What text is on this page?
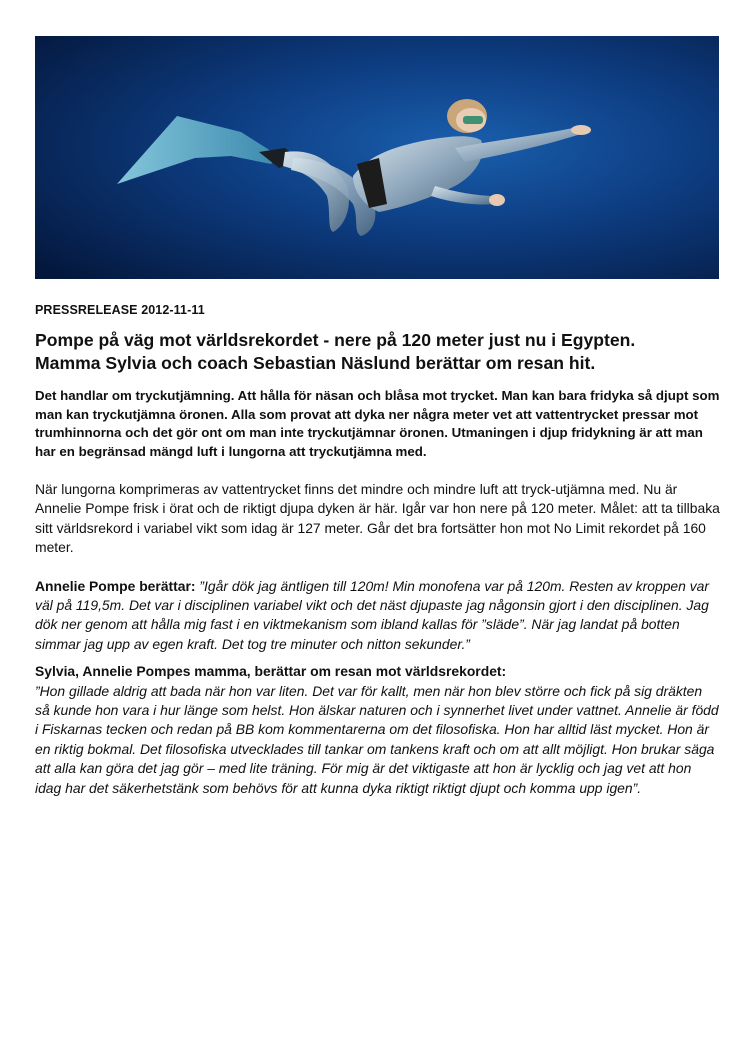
PRESSRELEASE 2012-11-11

Pompe på väg mot världsrekordet - nere på 120 meter just nu i Egypten.
Mamma Sylvia och coach Sebastian Näslund berättar om resan hit.

Det handlar om tryckutjämning. Att hålla för näsan och blåsa mot trycket. Man kan bara fridyka så djupt som man kan tryckutjämna öronen. Alla som provat att dyka ner några meter vet att vattentrycket pressar mot trumhinnorna och det gör ont om man inte tryckutjämnar öronen. Utmaningen i djup fridykning är att man har en begränsad mängd luft i lungorna att tryckutjämna med.

När lungorna komprimeras av vattentrycket finns det mindre och mindre luft att tryck-utjämna med. Nu är Annelie Pompe frisk i örat och de riktigt djupa dyken är här. Igår var hon nere på 120 meter. Målet: att ta tillbaka sitt världsrekord i variabel vikt som idag är 127 meter. Går det bra fortsätter hon mot No Limit rekordet på 160 meter.

Annelie Pompe berättar: ”Igår dök jag äntligen till 120m! Min monofena var på 120m. Resten av kroppen var väl på 119,5m. Det var i disciplinen variabel vikt och det näst djupaste jag någonsin gjort i den disciplinen. Jag dök ner genom att hålla mig fast i en viktmekanism som ibland kallas för ”släde”. När jag landat på botten simmar jag upp av egen kraft. Det tog tre minuter och nitton sekunder.”

Sylvia, Annelie Pompes mamma, berättar om resan mot världsrekordet:
”Hon gillade aldrig att bada när hon var liten. Det var för kallt, men när hon blev större och fick på sig dräkten så kunde hon vara i hur länge som helst. Hon älskar naturen och i synnerhet livet under vattnet. Annelie är född i Fiskarnas tecken och redan på BB kom kommentarerna om det filosofiska. Hon har alltid läst mycket. Hon är en riktig bokmal. Det filosofiska utvecklades till tankar om tankens kraft och om att allt möjligt. Hon brukar säga att alla kan göra det jag gör – med lite träning. För mig är det viktigaste att hon är lycklig och jag vet att hon idag har det säkerhetstänk som behövs för att kunna dyka riktigt riktigt djupt och komma upp igen”.
